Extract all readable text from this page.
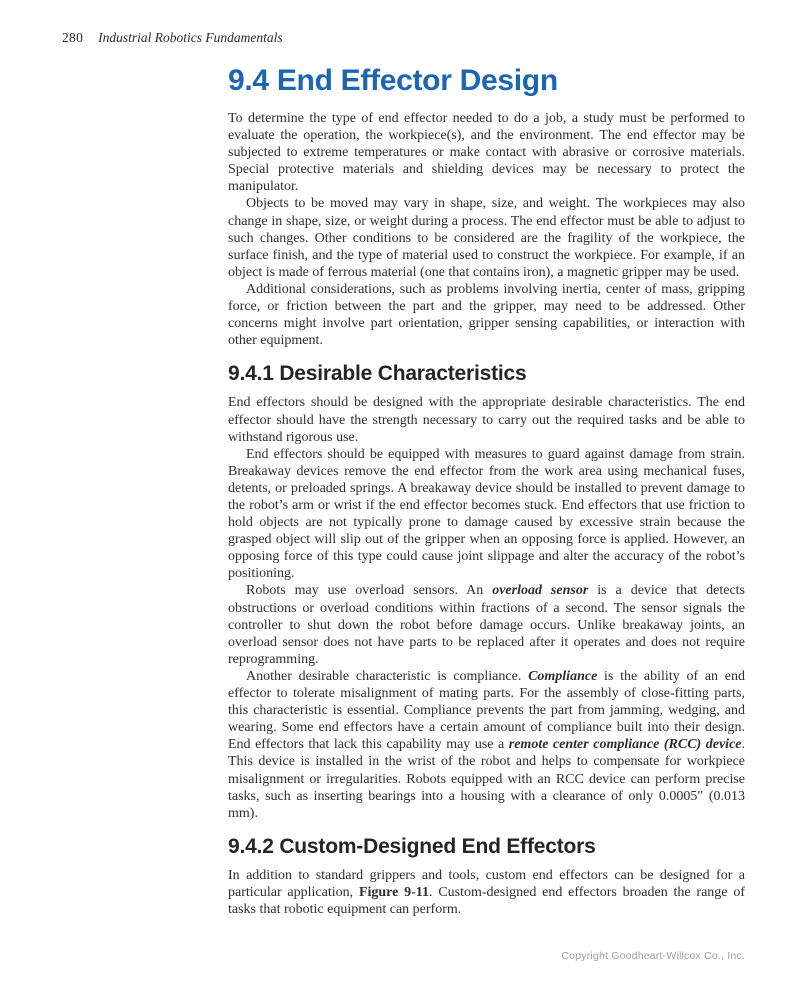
280 Industrial Robotics Fundamentals
9.4 End Effector Design

To determine the type of end effector needed to do a job, a study must be performed to evaluate the operation, the workpiece(s), and the environment. The end effector may be subjected to extreme temperatures or make contact with abrasive or corrosive materials. Special protective materials and shielding devices may be necessary to protect the manipulator.

Objects to be moved may vary in shape, size, and weight. The workpieces may also change in shape, size, or weight during a process. The end effector must be able to adjust to such changes. Other conditions to be considered are the fragility of the workpiece, the surface finish, and the type of material used to construct the workpiece. For example, if an object is made of ferrous material (one that contains iron), a magnetic gripper may be used.

Additional considerations, such as problems involving inertia, center of mass, gripping force, or friction between the part and the gripper, may need to be addressed. Other concerns might involve part orientation, gripper sensing capabilities, or interaction with other equipment.

9.4.1 Desirable Characteristics

End effectors should be designed with the appropriate desirable characteristics. The end effector should have the strength necessary to carry out the required tasks and be able to withstand rigorous use.

End effectors should be equipped with measures to guard against damage from strain. Breakaway devices remove the end effector from the work area using mechanical fuses, detents, or preloaded springs. A breakaway device should be installed to prevent damage to the robot’s arm or wrist if the end effector becomes stuck. End effectors that use friction to hold objects are not typically prone to damage caused by excessive strain because the grasped object will slip out of the gripper when an opposing force is applied. However, an opposing force of this type could cause joint slippage and alter the accuracy of the robot’s positioning.

Robots may use overload sensors. An overload sensor is a device that detects obstructions or overload conditions within fractions of a second. The sensor signals the controller to shut down the robot before damage occurs. Unlike breakaway joints, an overload sensor does not have parts to be replaced after it operates and does not require reprogramming.

Another desirable characteristic is compliance. Compliance is the ability of an end effector to tolerate misalignment of mating parts. For the assembly of close-fitting parts, this characteristic is essential. Compliance prevents the part from jamming, wedging, and wearing. Some end effectors have a certain amount of compliance built into their design. End effectors that lack this capability may use a remote center compliance (RCC) device. This device is installed in the wrist of the robot and helps to compensate for workpiece misalignment or irregularities. Robots equipped with an RCC device can perform precise tasks, such as inserting bearings into a housing with a clearance of only 0.0005″ (0.013 mm).

9.4.2 Custom-Designed End Effectors

In addition to standard grippers and tools, custom end effectors can be designed for a particular application, Figure 9-11. Custom-designed end effectors broaden the range of tasks that robotic equipment can perform.

Copyright Goodheart-Willcox Co., Inc.
